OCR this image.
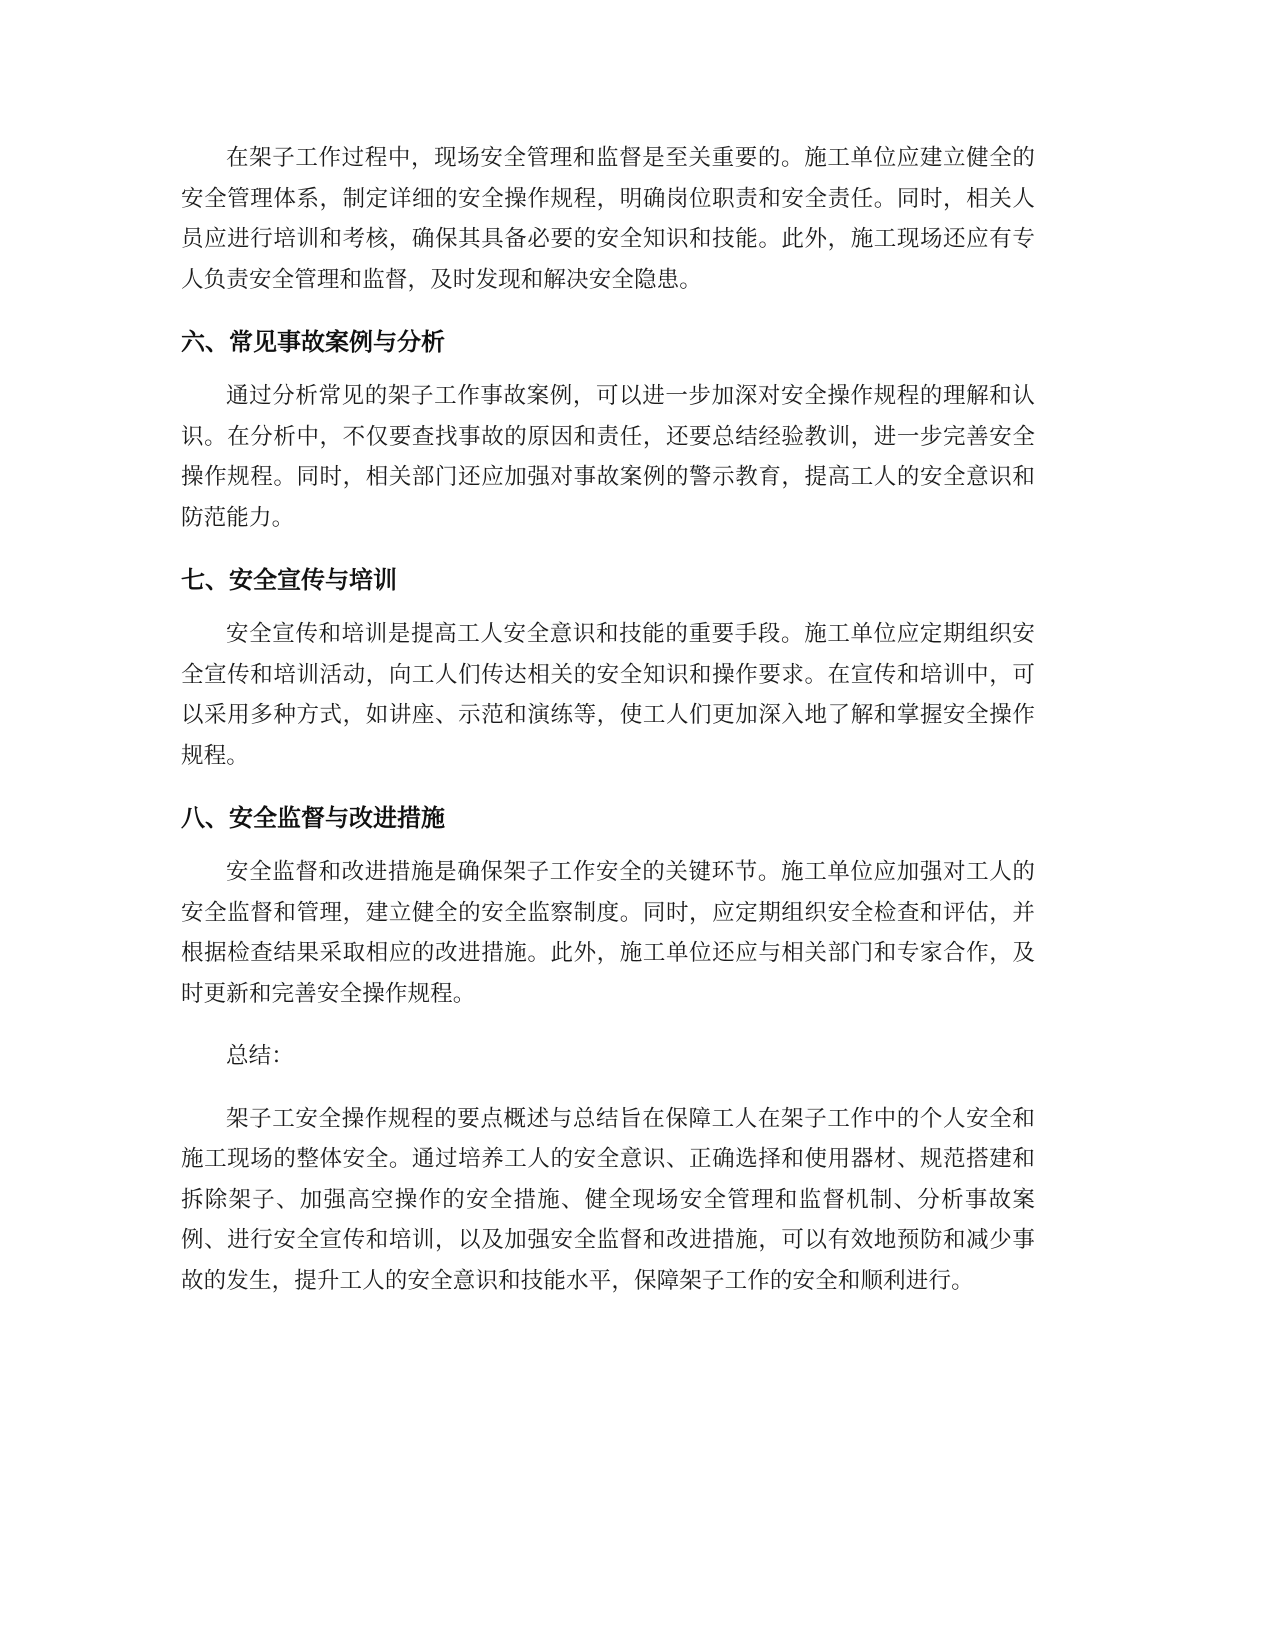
在架子工作过程中，现场安全管理和监督是至关重要的。施工单位应建立健全的安全管理体系，制定详细的安全操作规程，明确岗位职责和安全责任。同时，相关人员应进行培训和考核，确保其具备必要的安全知识和技能。此外，施工现场还应有专人负责安全管理和监督，及时发现和解决安全隐患。

六、常见事故案例与分析

通过分析常见的架子工作事故案例，可以进一步加深对安全操作规程的理解和认识。在分析中，不仅要查找事故的原因和责任，还要总结经验教训，进一步完善安全操作规程。同时，相关部门还应加强对事故案例的警示教育，提高工人的安全意识和防范能力。

七、安全宣传与培训

安全宣传和培训是提高工人安全意识和技能的重要手段。施工单位应定期组织安全宣传和培训活动，向工人们传达相关的安全知识和操作要求。在宣传和培训中，可以采用多种方式，如讲座、示范和演练等，使工人们更加深入地了解和掌握安全操作规程。

八、安全监督与改进措施

安全监督和改进措施是确保架子工作安全的关键环节。施工单位应加强对工人的安全监督和管理，建立健全的安全监察制度。同时，应定期组织安全检查和评估，并根据检查结果采取相应的改进措施。此外，施工单位还应与相关部门和专家合作，及时更新和完善安全操作规程。

总结：

架子工安全操作规程的要点概述与总结旨在保障工人在架子工作中的个人安全和施工现场的整体安全。通过培养工人的安全意识、正确选择和使用器材、规范搭建和拆除架子、加强高空操作的安全措施、健全现场安全管理和监督机制、分析事故案例、进行安全宣传和培训，以及加强安全监督和改进措施，可以有效地预防和减少事故的发生，提升工人的安全意识和技能水平，保障架子工作的安全和顺利进行。
